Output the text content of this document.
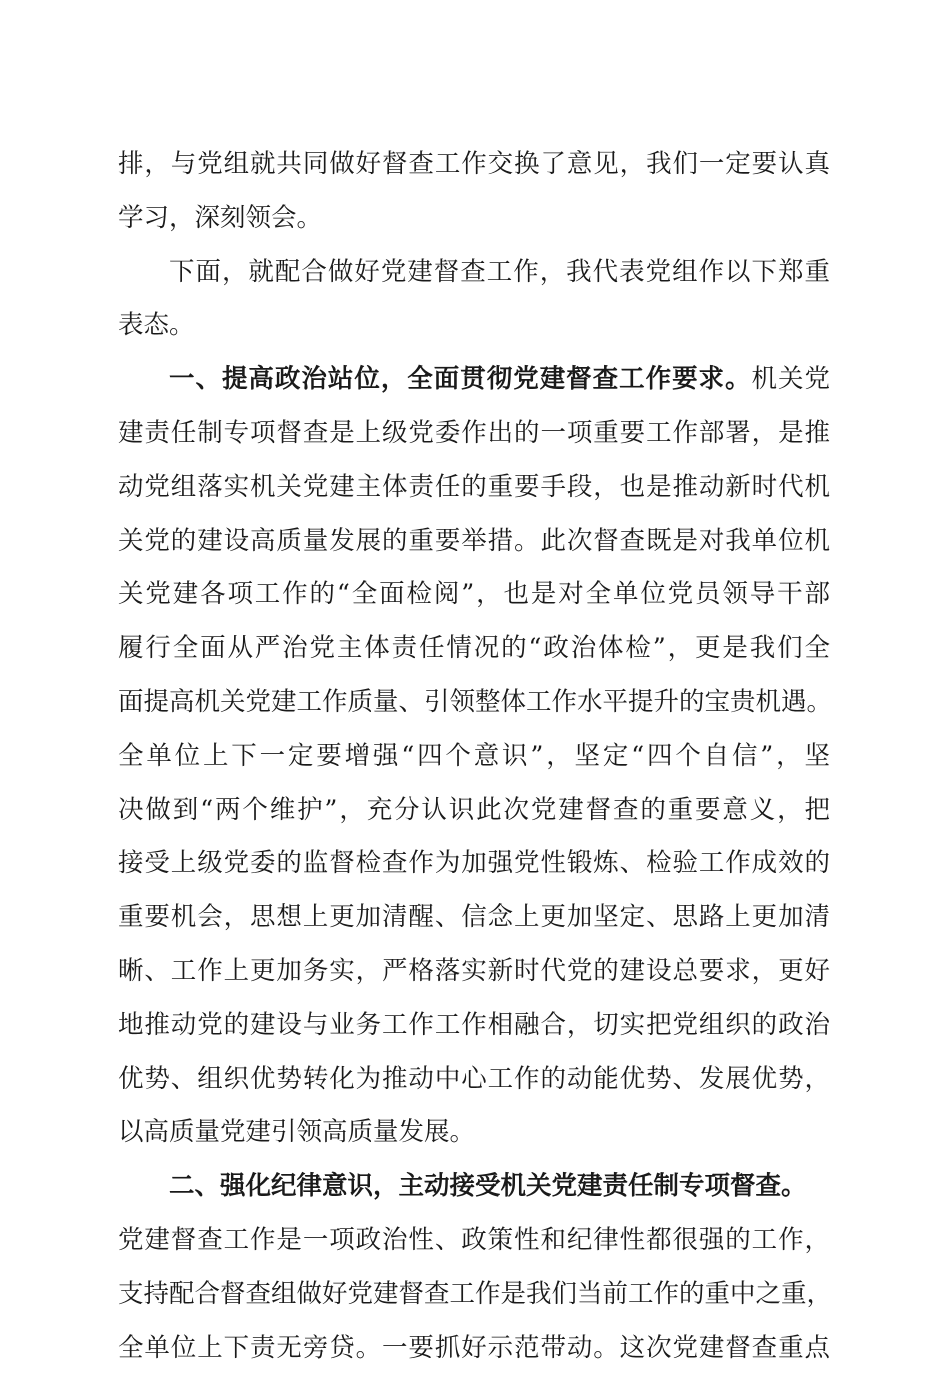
排，与党组就共同做好督查工作交换了意见，我们一定要认真
学习，深刻领会。
下面，就配合做好党建督查工作，我代表党组作以下郑重
表态。
一、提高政治站位，全面贯彻党建督查工作要求。机关党
建责任制专项督查是上级党委作出的一项重要工作部署，是推
动党组落实机关党建主体责任的重要手段，也是推动新时代机
关党的建设高质量发展的重要举措。此次督查既是对我单位机
关党建各项工作的“全面检阅”，也是对全单位党员领导干部
履行全面从严治党主体责任情况的“政治体检”，更是我们全
面提高机关党建工作质量、引领整体工作水平提升的宝贵机遇。
全单位上下一定要增强“四个意识”，坚定“四个自信”，坚
决做到“两个维护”，充分认识此次党建督查的重要意义，把
接受上级党委的监督检查作为加强党性锻炼、检验工作成效的
重要机会，思想上更加清醒、信念上更加坚定、思路上更加清
晰、工作上更加务实，严格落实新时代党的建设总要求，更好
地推动党的建设与业务工作工作相融合，切实把党组织的政治
优势、组织优势转化为推动中心工作的动能优势、发展优势，
以高质量党建引领高质量发展。
二、强化纪律意识，主动接受机关党建责任制专项督查。
党建督查工作是一项政治性、政策性和纪律性都很强的工作，
支持配合督查组做好党建督查工作是我们当前工作的重中之重，
全单位上下责无旁贷。一要抓好示范带动。这次党建督查重点
